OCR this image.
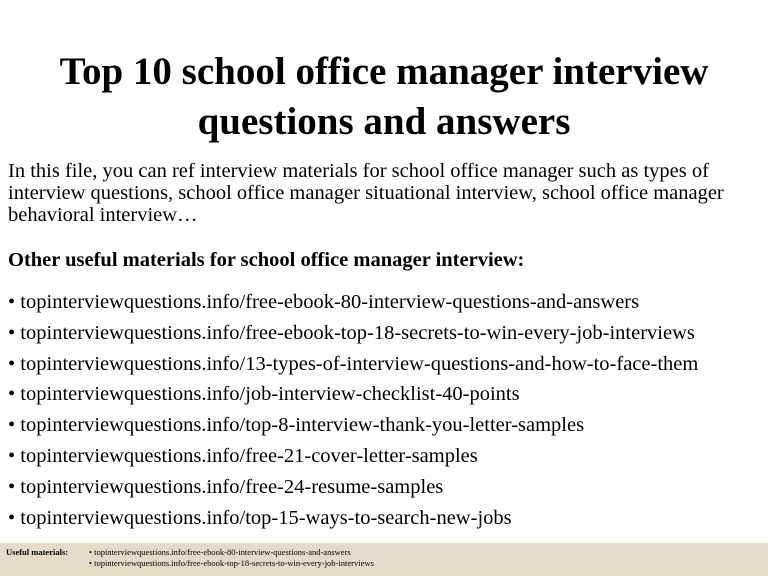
Top 10 school office manager interview questions and answers

In this file, you can ref interview materials for school office manager such as types of interview questions, school office manager situational interview, school office manager behavioral interview…

Other useful materials for school office manager interview:

• topinterviewquestions.info/free-ebook-80-interview-questions-and-answers
• topinterviewquestions.info/free-ebook-top-18-secrets-to-win-every-job-interviews
• topinterviewquestions.info/13-types-of-interview-questions-and-how-to-face-them
• topinterviewquestions.info/job-interview-checklist-40-points
• topinterviewquestions.info/top-8-interview-thank-you-letter-samples
• topinterviewquestions.info/free-21-cover-letter-samples
• topinterviewquestions.info/free-24-resume-samples
• topinterviewquestions.info/top-15-ways-to-search-new-jobs
Useful materials: • topinterviewquestions.info/free-ebook-80-interview-questions-and-answers
• topinterviewquestions.info/free-ebook-top-18-secrets-to-win-every-job-interviews
